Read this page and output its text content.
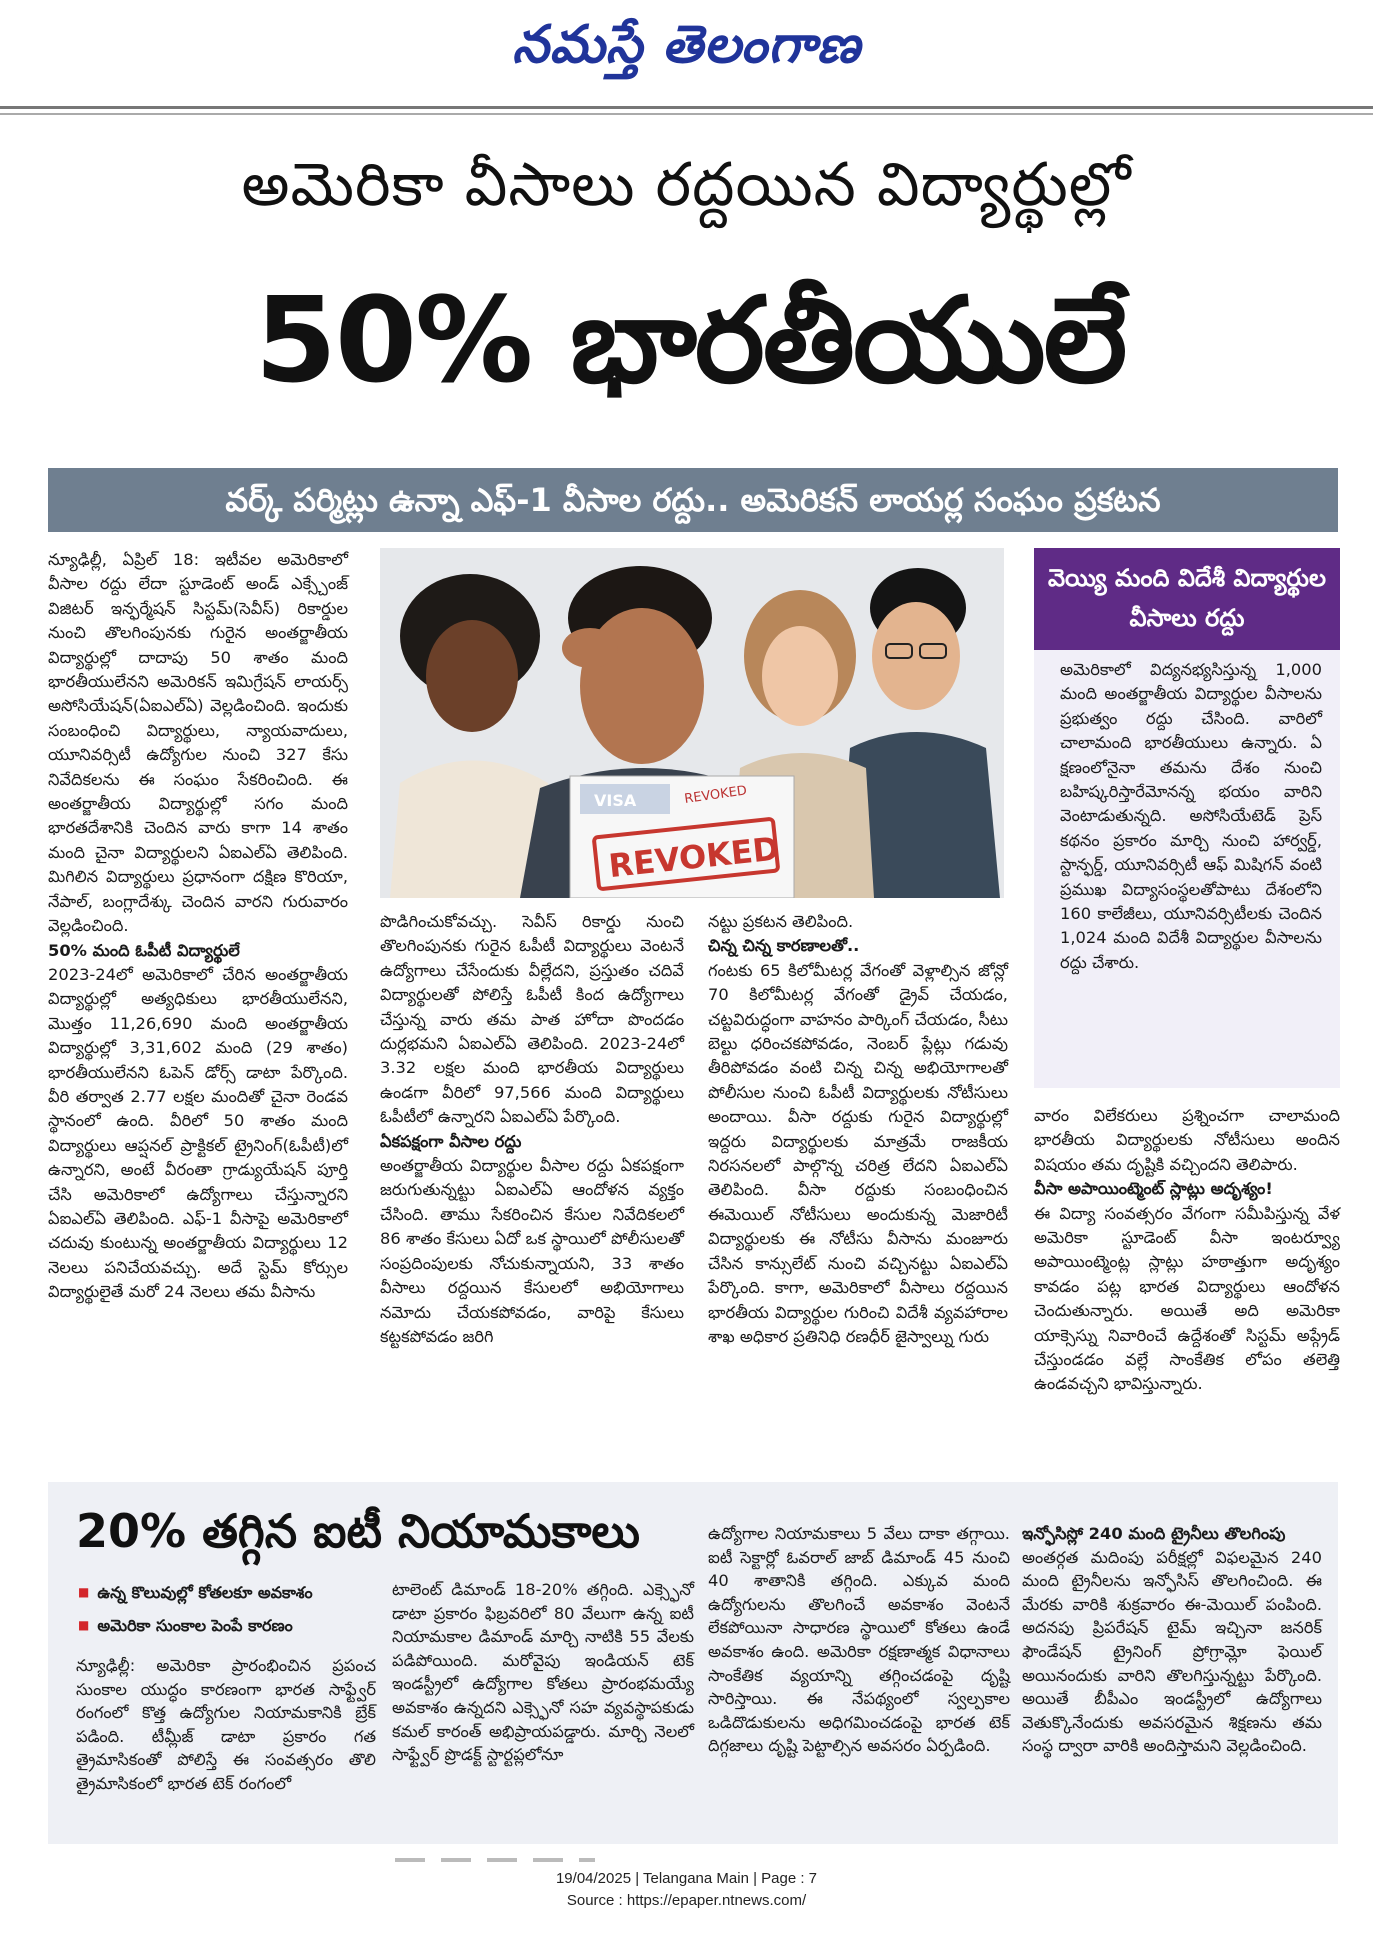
నమస్తే తెలంగాణ
అమెరికా వీసాలు రద్దయిన విద్యార్థుల్లో
50% భారతీయులే
వర్క్ పర్మిట్లు ఉన్నా ఎఫ్-1 వీసాల రద్దు.. అమెరికన్ లాయర్ల సంఘం ప్రకటన

న్యూఢిల్లీ, ఏప్రిల్ 18: ఇటీవల అమెరికాలో వీసాల రద్దు లేదా స్టూడెంట్ అండ్ ఎక్స్చేంజ్ విజిటర్ ఇన్ఫర్మేషన్ సిస్టమ్(సెవీస్) రికార్డుల నుంచి తొలగింపునకు గురైన అంతర్జాతీయ విద్యార్థుల్లో దాదాపు 50 శాతం మంది భారతీయులేనని అమెరికన్ ఇమిగ్రేషన్ లాయర్స్ అసోసియేషన్(ఏఐఎల్ఏ) వెల్లడించింది. ఇందుకు సంబంధించి విద్యార్థులు, న్యాయవాదులు, యూనివర్సిటీ ఉద్యోగుల నుంచి 327 కేసు నివేదికలను ఈ సంఘం సేకరించింది. ఈ అంతర్జాతీయ విద్యార్థుల్లో సగం మంది భారతదేశానికి చెందిన వారు కాగా 14 శాతం మంది చైనా విద్యార్థులని ఏఐఎల్ఏ తెలిపింది. మిగిలిన విద్యార్థులు ప్రధానంగా దక్షిణ కొరియా, నేపాల్, బంగ్లాదేశ్కు చెందిన వారని గురువారం వెల్లడించింది.

50% మంది ఓపీటీ విద్యార్థులే

2023-24లో అమెరికాలో చేరిన అంతర్జాతీయ విద్యార్థుల్లో అత్యధికులు భారతీయులేనని, మొత్తం 11,26,690 మంది అంతర్జాతీయ విద్యార్థుల్లో 3,31,602 మంది (29 శాతం) భారతీయులేనని ఓపెన్ డోర్స్ డాటా పేర్కొంది. వీరి తర్వాత 2.77 లక్షల మందితో చైనా రెండవ స్థానంలో ఉంది. వీరిలో 50 శాతం మంది విద్యార్థులు ఆప్షనల్ ప్రాక్టికల్ ట్రైనింగ్(ఓపీటీ)లో ఉన్నారని, అంటే వీరంతా గ్రాడ్యుయేషన్ పూర్తి చేసి అమెరికాలో ఉద్యోగాలు చేస్తున్నారని ఏఐఎల్ఏ తెలిపింది. ఎఫ్-1 వీసాపై అమెరికాలో చదువు కుంటున్న అంతర్జాతీయ విద్యార్థులు 12 నెలలు పనిచేయవచ్చు. అదే స్టెమ్ కోర్సుల విద్యార్థులైతే మరో 24 నెలలు తమ వీసాను

VISA	REVOKED
REVOKED

పొడిగించుకోవచ్చు. సెవీస్ రికార్డు నుంచి తొలగింపునకు గురైన ఓపీటీ విద్యార్థులు వెంటనే ఉద్యోగాలు చేసేందుకు వీల్లేదని, ప్రస్తుతం చదివే విద్యార్థులతో పోలిస్తే ఓపీటీ కింద ఉద్యోగాలు చేస్తున్న వారు తమ పాత హోదా పొందడం దుర్లభమని ఏఐఎల్ఏ తెలిపింది. 2023-24లో 3.32 లక్షల మంది భారతీయ విద్యార్థులు ఉండగా వీరిలో 97,566 మంది విద్యార్థులు ఓపీటీలో ఉన్నారని ఏఐఎల్ఏ పేర్కొంది.

ఏకపక్షంగా వీసాల రద్దు

అంతర్జాతీయ విద్యార్థుల వీసాల రద్దు ఏకపక్షంగా జరుగుతున్నట్టు ఏఐఎల్ఏ ఆందోళన వ్యక్తం చేసింది. తాము సేకరించిన కేసుల నివేదికలలో 86 శాతం కేసులు ఏదో ఒక స్థాయిలో పోలీసులతో సంప్రదింపులకు నోచుకున్నాయని, 33 శాతం వీసాలు రద్దయిన కేసులలో అభియోగాలు నమోదు చేయకపోవడం, వారిపై కేసులు కట్టకపోవడం జరిగి

నట్టు ప్రకటన తెలిపింది.

చిన్న చిన్న కారణాలతో..

గంటకు 65 కిలోమీటర్ల వేగంతో వెళ్లాల్సిన జోన్లో 70 కిలోమీటర్ల వేగంతో డ్రైవ్ చేయడం, చట్టవిరుద్ధంగా వాహనం పార్కింగ్ చేయడం, సీటు బెల్టు ధరించకపోవడం, నెంబర్ ప్లేట్లు గడువు తీరిపోవడం వంటి చిన్న చిన్న అభియోగాలతో పోలీసుల నుంచి ఓపీటీ విద్యార్థులకు నోటీసులు అందాయి. వీసా రద్దుకు గురైన విద్యార్థుల్లో ఇద్దరు విద్యార్థులకు మాత్రమే రాజకీయ నిరసనలలో పాల్గొన్న చరిత్ర లేదని ఏఐఎల్ఏ తెలిపింది. వీసా రద్దుకు సంబంధించిన ఈమెయిల్ నోటీసులు అందుకున్న మెజారిటీ విద్యార్థులకు ఈ నోటీసు వీసాను మంజూరు చేసిన కాన్సులేట్ నుంచి వచ్చినట్టు ఏఐఎల్ఏ పేర్కొంది. కాగా, అమెరికాలో వీసాలు రద్దయిన భారతీయ విద్యార్థుల గురించి విదేశీ వ్యవహారాల శాఖ అధికార ప్రతినిధి రణధీర్ జైస్వాల్ను గురు

వెయ్యి మంది విదేశీ విద్యార్థుల వీసాలు రద్దు
అమెరికాలో విద్యనభ్యసిస్తున్న 1,000 మంది అంతర్జాతీయ విద్యార్థుల వీసాలను ప్రభుత్వం రద్దు చేసింది. వారిలో చాలామంది భారతీయులు ఉన్నారు. ఏ క్షణంలోనైనా తమను దేశం నుంచి బహిష్కరిస్తారేమోనన్న భయం వారిని వెంటాడుతున్నది. అసోసియేటెడ్ ప్రెస్ కథనం ప్రకారం మార్చి నుంచి హార్వర్డ్, స్టాన్ఫర్డ్, యూనివర్సిటీ ఆఫ్ మిషిగన్ వంటి ప్రముఖ విద్యాసంస్థలతోపాటు దేశంలోని 160 కాలేజీలు, యూనివర్సిటీలకు చెందిన 1,024 మంది విదేశీ విద్యార్థుల వీసాలను రద్దు చేశారు.

వారం విలేకరులు ప్రశ్నించగా చాలామంది భారతీయ విద్యార్థులకు నోటీసులు అందిన విషయం తమ దృష్టికి వచ్చిందని తెలిపారు.

వీసా అపాయింట్మెంట్ స్లాట్లు అదృశ్యం!

ఈ విద్యా సంవత్సరం వేగంగా సమీపిస్తున్న వేళ అమెరికా స్టూడెంట్ వీసా ఇంటర్వ్యూ అపాయింట్మెంట్ల స్లాట్లు హఠాత్తుగా అదృశ్యం కావడం పట్ల భారత విద్యార్థులు ఆందోళన చెందుతున్నారు. అయితే అది అమెరికా యాక్సెస్ను నివారించే ఉద్దేశంతో సిస్టమ్ అప్గ్రేడ్ చేస్తుండడం వల్లే సాంకేతిక లోపం తలెత్తి ఉండవచ్చని భావిస్తున్నారు.

20% తగ్గిన ఐటీ నియామకాలు
■ ఉన్న కొలువుల్లో కోతలకూ అవకాశం
■ అమెరికా సుంకాల పెంపే కారణం
న్యూఢిల్లీ: అమెరికా ప్రారంభించిన ప్రపంచ సుంకాల యుద్ధం కారణంగా భారత సాఫ్ట్వేర్ రంగంలో కొత్త ఉద్యోగుల నియామకానికి బ్రేక్ పడింది. టీమ్లీజ్ డాటా ప్రకారం గత త్రైమాసికంతో పోలిస్తే ఈ సంవత్సరం తొలి త్రైమాసికంలో భారత టెక్ రంగంలో
టాలెంట్ డిమాండ్ 18-20% తగ్గింది. ఎక్స్ఫెనో డాటా ప్రకారం ఫిబ్రవరిలో 80 వేలుగా ఉన్న ఐటీ నియామకాల డిమాండ్ మార్చి నాటికి 55 వేలకు పడిపోయింది. మరోవైపు ఇండియన్ టెక్ ఇండస్ట్రీలో ఉద్యోగాల కోతలు ప్రారంభమయ్యే అవకాశం ఉన్నదని ఎక్స్ఫెనో సహ వ్యవస్థాపకుడు కమల్ కారంత్ అభిప్రాయపడ్డారు. మార్చి నెలలో సాఫ్ట్వేర్ ప్రొడక్ట్ స్టార్టప్లలోనూ
ఉద్యోగాల నియామకాలు 5 వేలు దాకా తగ్గాయి. ఐటీ సెక్టార్లో ఓవరాల్ జాబ్ డిమాండ్ 45 నుంచి 40 శాతానికి తగ్గింది. ఎక్కువ మంది ఉద్యోగులను తొలగించే అవకాశం వెంటనే లేకపోయినా సాధారణ స్థాయిలో కోతలు ఉండే అవకాశం ఉంది. అమెరికా రక్షణాత్మక విధానాలు సాంకేతిక వ్యయాన్ని తగ్గించడంపై దృష్టి సారిస్తాయి. ఈ నేపథ్యంలో స్వల్పకాల ఒడిదొడుకులను అధిగమించడంపై భారత టెక్ దిగ్గజాలు దృష్టి పెట్టాల్సిన అవసరం ఏర్పడింది.
ఇన్ఫోసిస్లో 240 మంది ట్రైనీలు తొలగింపు
అంతర్గత మదింపు పరీక్షల్లో విఫలమైన 240 మంది ట్రైనీలను ఇన్ఫోసిస్ తొలగించింది. ఈ మేరకు వారికి శుక్రవారం ఈ-మెయిల్ పంపింది. అదనపు ప్రిపరేషన్ టైమ్ ఇచ్చినా జనరిక్ ఫౌండేషన్ ట్రైనింగ్ ప్రోగ్రామ్లో ఫెయిల్ అయినందుకు వారిని తొలగిస్తున్నట్టు పేర్కొంది. అయితే బీపీఎం ఇండస్ట్రీలో ఉద్యోగాలు వెతుక్కొనేందుకు అవసరమైన శిక్షణను తమ సంస్థ ద్వారా వారికి అందిస్తామని వెల్లడించింది.
19/04/2025 | Telangana Main | Page : 7
Source : https://epaper.ntnews.com/
